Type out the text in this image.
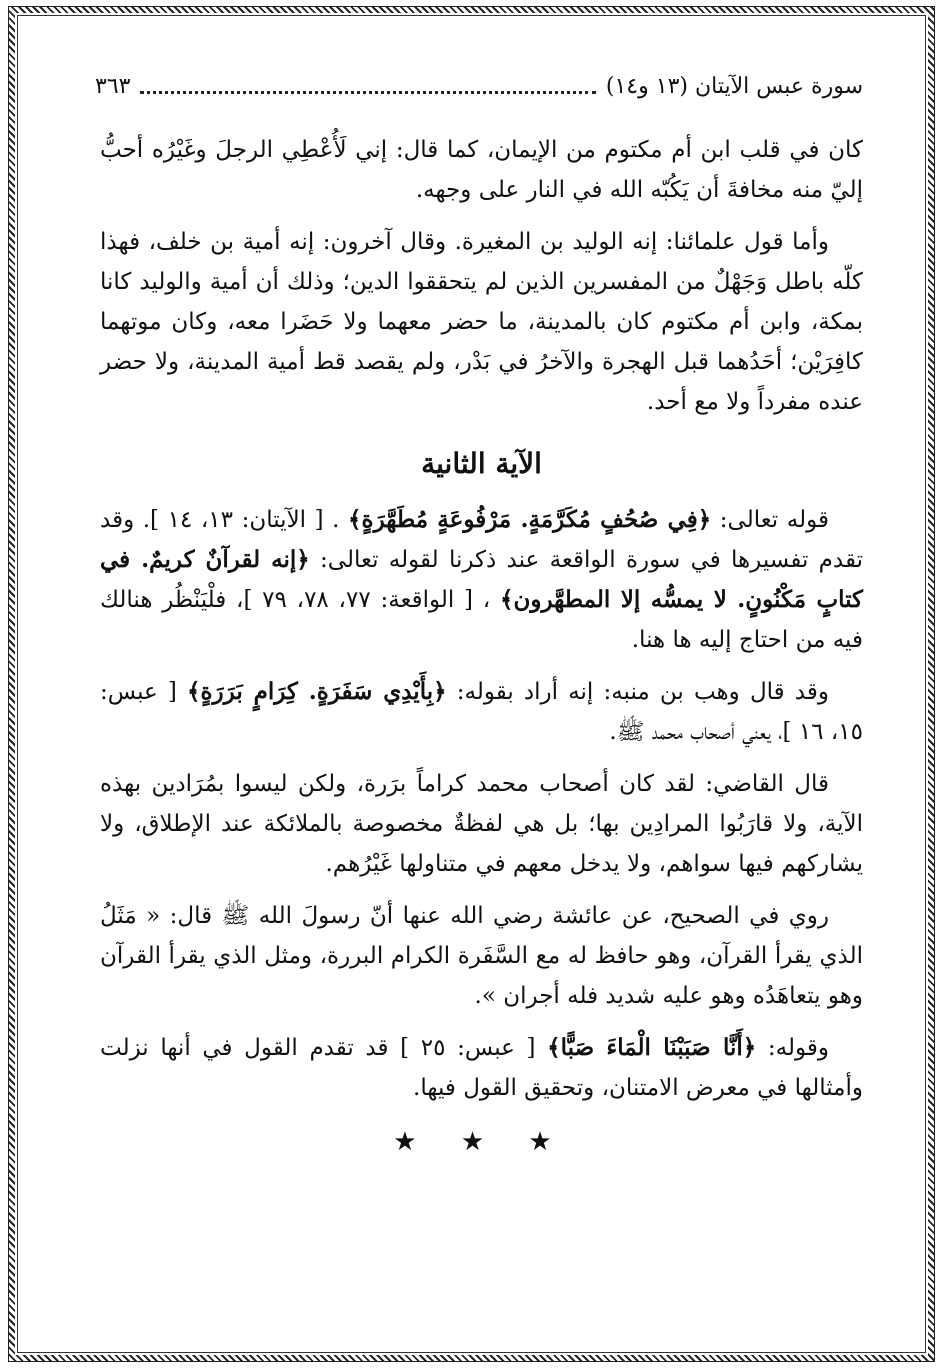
سورة عبس الآيتان (١٣ و١٤)
٣٦٣

كان في قلب ابن أم مكتوم من الإيمان، كما قال: إني لَأُعْطِي الرجلَ وغَيْرُه أحبُّ إليّ منه مخافةَ أن يَكُبّه الله في النار على وجهه.

وأما قول علمائنا: إنه الوليد بن المغيرة. وقال آخرون: إنه أمية بن خلف، فهذا كلّه باطل وَجَهْلٌ من المفسرين الذين لم يتحققوا الدين؛ وذلك أن أمية والوليد كانا بمكة، وابن أم مكتوم كان بالمدينة، ما حضر معهما ولا حَضَرا معه، وكان موتهما كافِرَيْن؛ أحَدُهما قبل الهجرة والآخرُ في بَدْر، ولم يقصد قط أمية المدينة، ولا حضر عنده مفرداً ولا مع أحد.

الآية الثانية

قوله تعالى: ﴿فِي صُحُفٍ مُكَرَّمَةٍ. مَرْفُوعَةٍ مُطَهَّرَةٍ﴾ . [ الآيتان: ١٣، ١٤ ]. وقد تقدم تفسيرها في سورة الواقعة عند ذكرنا لقوله تعالى: ﴿إنه لقرآنٌ كريمٌ. في كتابٍ مَكْنُونٍ. لا يمسُّه إلا المطهَّرون﴾ ، [ الواقعة: ٧٧، ٧٨، ٧٩ ]، فلْيَنْظُر هنالك فيه من احتاج إليه ها هنا.

وقد قال وهب بن منبه: إنه أراد بقوله: ﴿بِأَيْدِي سَفَرَةٍ. كِرَامٍ بَرَرَةٍ﴾ [ عبس: ١٥، ١٦ ]، يعني أصحاب محمد ﷺ.

قال القاضي: لقد كان أصحاب محمد كراماً برَرة، ولكن ليسوا بمُرَادين بهذه الآية، ولا قارَبُوا المرادِين بها؛ بل هي لفظةٌ مخصوصة بالملائكة عند الإطلاق، ولا يشاركهم فيها سواهم، ولا يدخل معهم في متناولها غَيْرُهم.

روي في الصحيح، عن عائشة رضي الله عنها أنّ رسولَ الله ﷺ قال: « مَثَلُ الذي يقرأ القرآن، وهو حافظ له مع السَّفَرة الكرام البررة، ومثل الذي يقرأ القرآن وهو يتعاهَدُه وهو عليه شديد فله أجران ».

وقوله: ﴿أَنَّا صَبَبْنَا الْمَاءَ صَبًّا﴾ [ عبس: ٢٥ ] قد تقدم القول في أنها نزلت وأمثالها في معرض الامتنان، وتحقيق القول فيها.

★ ★ ★
